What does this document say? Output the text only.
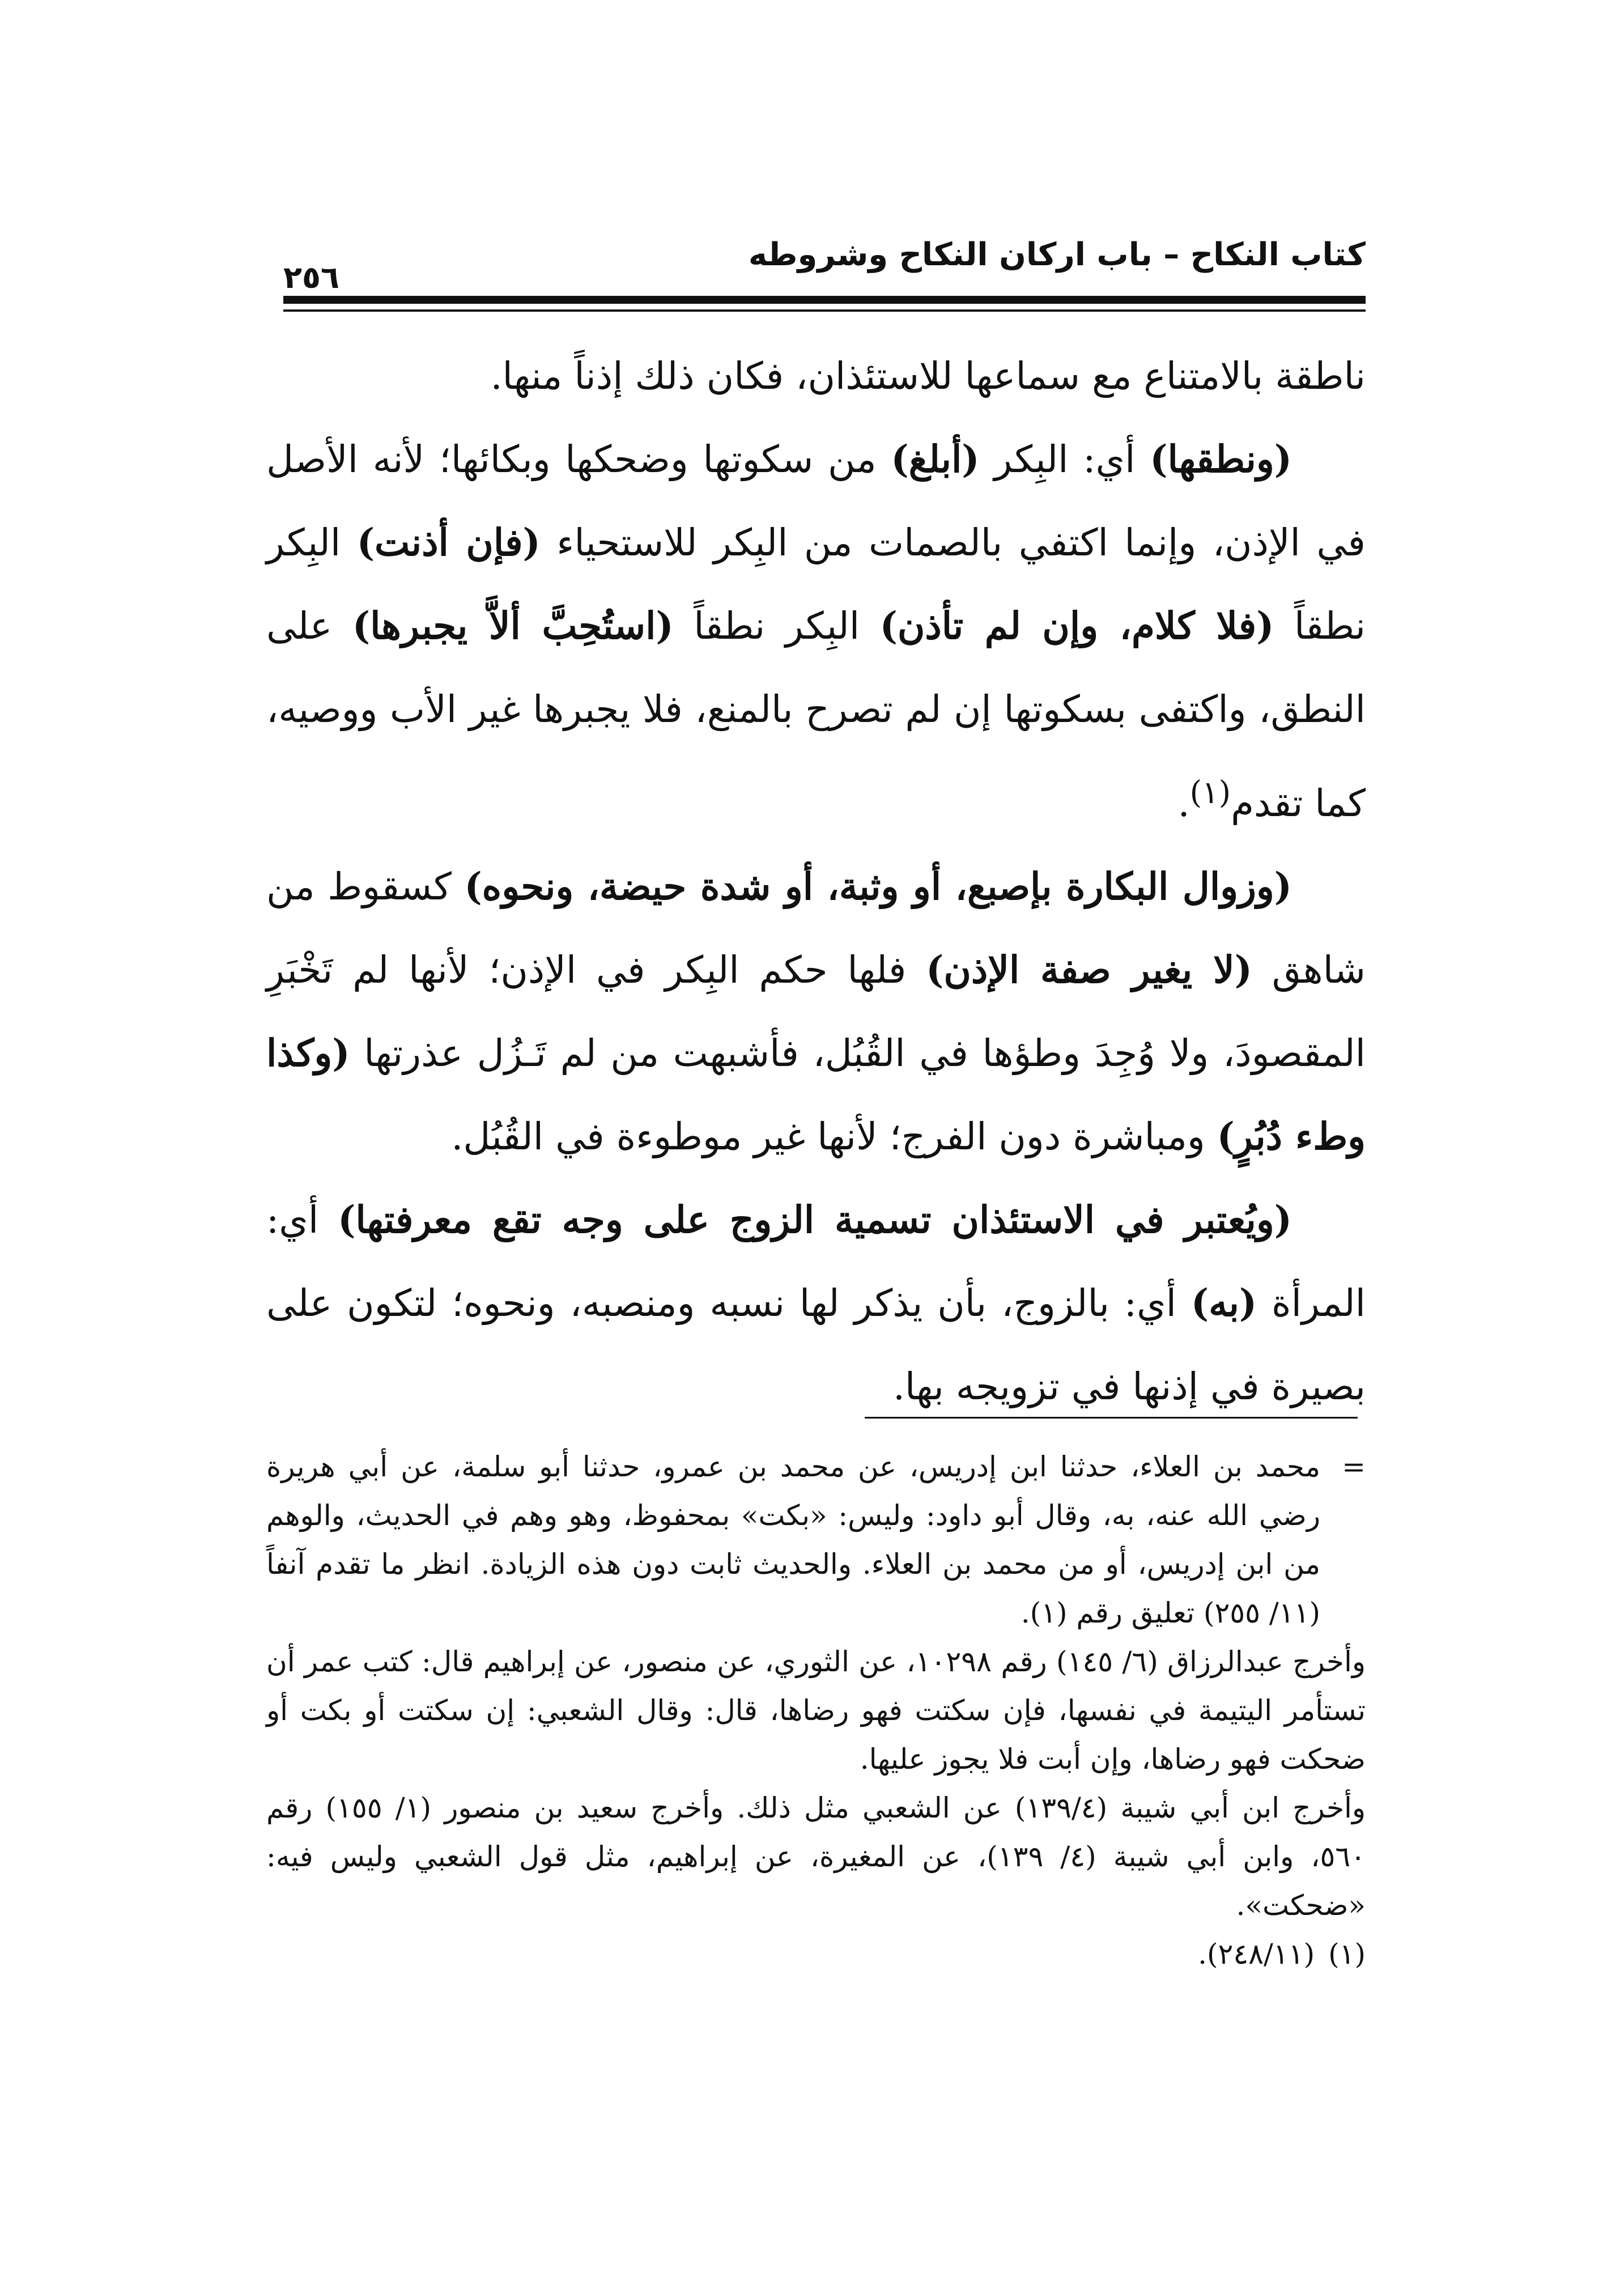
كتاب النكاح – باب اركان النكاح وشروطه
٢٥٦

ناطقة بالامتناع مع سماعها للاستئذان، فكان ذلك إذناً منها.

(ونطقها) أي: البِكر (أبلغ) من سكوتها وضحكها وبكائها؛ لأنه الأصل في الإذن، وإنما اكتفي بالصمات من البِكر للاستحياء (فإن أذنت) البِكر نطقاً (فلا كلام، وإن لم تأذن) البِكر نطقاً (استُحِبَّ ألاَّ يجبرها) على النطق، واكتفى بسكوتها إن لم تصرح بالمنع، فلا يجبرها غير الأب ووصيه، كما تقدم$^{(١)}$.

(وزوال البكارة بإصبع، أو وثبة، أو شدة حيضة، ونحوه) كسقوط من شاهق (لا يغير صفة الإذن) فلها حكم البِكر في الإذن؛ لأنها لم تَخْبَرِ المقصودَ، ولا وُجِدَ وطؤها في القُبُل، فأشبهت من لم تَـزُل عذرتها (وكذا وطء دُبُرٍ) ومباشرة دون الفرج؛ لأنها غير موطوءة في القُبُل.

(ويُعتبر في الاستئذان تسمية الزوج على وجه تقع معرفتها) أي: المرأة (به) أي: بالزوج، بأن يذكر لها نسبه ومنصبه، ونحوه؛ لتكون على بصيرة في إذنها في تزويجه بها.

=
محمد بن العلاء، حدثنا ابن إدريس، عن محمد بن عمرو، حدثنا أبو سلمة، عن أبي هريرة رضي الله عنه، به، وقال أبو داود: وليس: «بكت» بمحفوظ، وهو وهم في الحديث، والوهم من ابن إدريس، أو من محمد بن العلاء. والحديث ثابت دون هذه الزيادة. انظر ما تقدم آنفاً (١١/ ٢٥٥) تعليق رقم (١).

وأخرج عبدالرزاق (٦/ ١٤٥) رقم ١٠٢٩٨، عن الثوري، عن منصور، عن إبراهيم قال: كتب عمر أن تستأمر اليتيمة في نفسها، فإن سكتت فهو رضاها، قال: وقال الشعبي: إن سكتت أو بكت أو ضحكت فهو رضاها، وإن أبت فلا يجوز عليها.

وأخرج ابن أبي شيبة (١٣٩/٤) عن الشعبي مثل ذلك. وأخرج سعيد بن منصور (١/ ١٥٥) رقم ٥٦٠، وابن أبي شيبة (٤/ ١٣٩)، عن المغيرة، عن إبراهيم، مثل قول الشعبي وليس فيه: «ضحكت».

(١)(٢٤٨/١١).
